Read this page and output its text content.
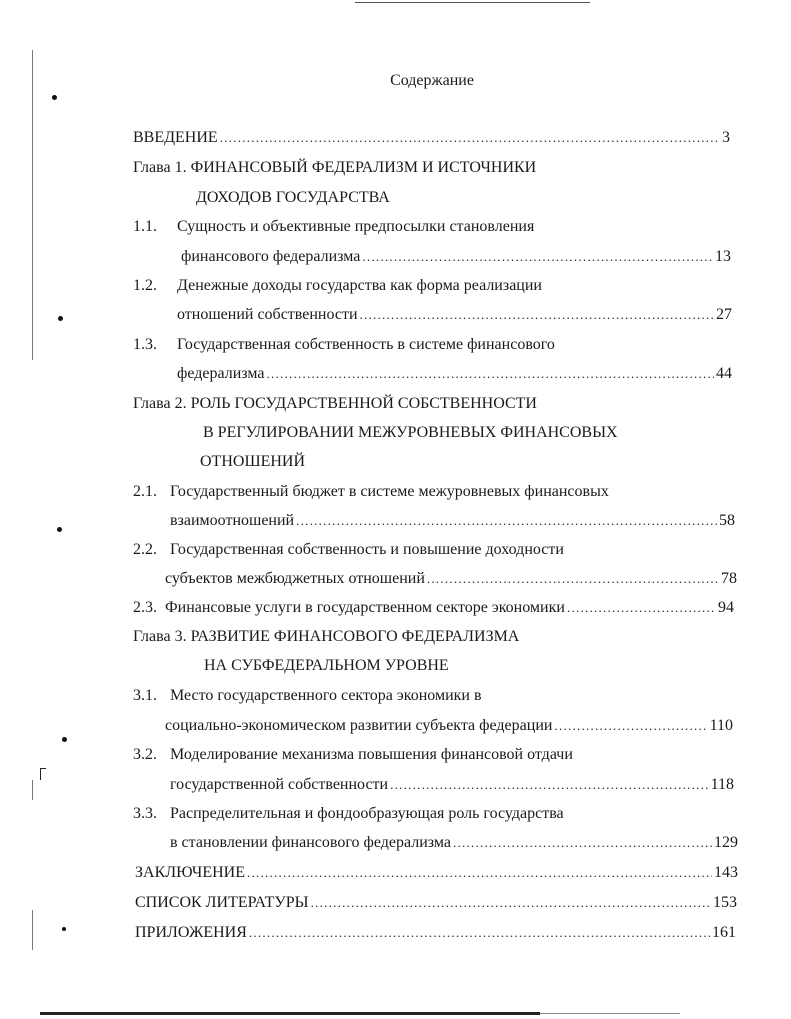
Содержание
ВВЕДЕНИЕ . . .	3
Глава 1. ФИНАНСОВЫЙ ФЕДЕРАЛИЗМ И ИСТОЧНИКИ
ДОХОДОВ ГОСУДАРСТВА
1.1. Сущность и объективные предпосылки становления
финансового федерализма . . .	13
1.2. Денежные доходы государства как форма реализации
отношений собственности . . .	27
1.3. Государственная собственность в системе финансового
федерализма . . .	44
Глава 2. РОЛЬ ГОСУДАРСТВЕННОЙ СОБСТВЕННОСТИ
В РЕГУЛИРОВАНИИ МЕЖУРОВНЕВЫХ ФИНАНСОВЫХ
ОТНОШЕНИЙ
2.1. Государственный бюджет в системе межуровневых финансовых
взаимоотношений . . .	58
2.2. Государственная собственность и повышение доходности
субъектов межбюджетных отношений . . .	78
2.3. Финансовые услуги в государственном секторе экономики . . .	94
Глава 3. РАЗВИТИЕ ФИНАНСОВОГО ФЕДЕРАЛИЗМА
НА СУБФЕДЕРАЛЬНОМ УРОВНЕ
3.1. Место государственного сектора экономики в
социально-экономическом развитии субъекта федерации . . .	110
3.2. Моделирование механизма повышения финансовой отдачи
государственной собственности . . .	118
3.3. Распределительная и фондообразующая роль государства
в становлении финансового федерализма . . .	129
ЗАКЛЮЧЕНИЕ . . .	143
СПИСОК ЛИТЕРАТУРЫ . . .	153
ПРИЛОЖЕНИЯ . . .	161
